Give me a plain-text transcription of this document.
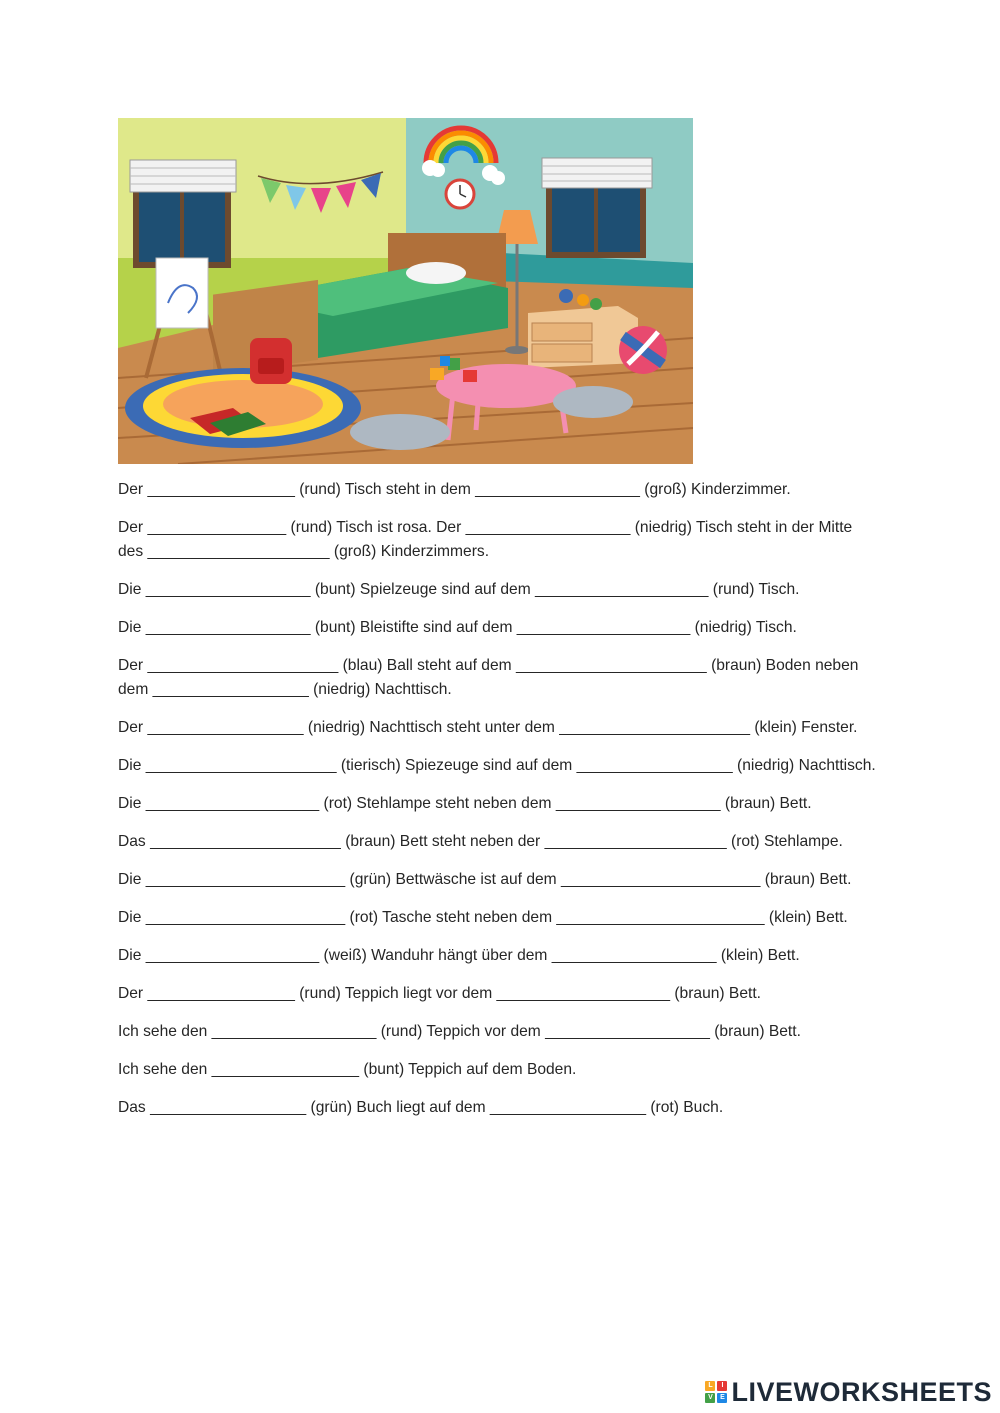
Der _________________ (rund) Tisch steht in dem ___________________ (groß) Kinderzimmer.

Der ________________ (rund) Tisch ist rosa. Der ___________________ (niedrig) Tisch steht in der Mitte des _____________________ (groß) Kinderzimmers.

Die ___________________ (bunt) Spielzeuge sind auf dem ____________________ (rund) Tisch.

Die ___________________ (bunt) Bleistifte sind auf dem ____________________ (niedrig) Tisch.

Der ______________________ (blau) Ball steht auf dem ______________________ (braun) Boden neben dem __________________ (niedrig) Nachttisch.

Der __________________ (niedrig) Nachttisch steht unter dem ______________________ (klein) Fenster.

Die ______________________ (tierisch) Spiezeuge sind auf dem __________________ (niedrig) Nachttisch.

Die ____________________ (rot) Stehlampe steht neben dem ___________________ (braun) Bett.

Das ______________________ (braun) Bett steht neben der _____________________ (rot) Stehlampe.

Die _______________________ (grün) Bettwäsche ist auf dem _______________________ (braun) Bett.

Die _______________________ (rot) Tasche steht neben dem ________________________ (klein) Bett.

Die ____________________ (weiß) Wanduhr hängt über dem ___________________ (klein) Bett.

Der _________________ (rund) Teppich liegt vor dem ____________________ (braun) Bett.

Ich sehe den ___________________ (rund) Teppich vor dem ___________________ (braun) Bett.

Ich sehe den _________________ (bunt) Teppich auf dem Boden.

Das __________________ (grün) Buch liegt auf dem __________________ (rot) Buch.

L	I
V	E LIVEWORKSHEETS
